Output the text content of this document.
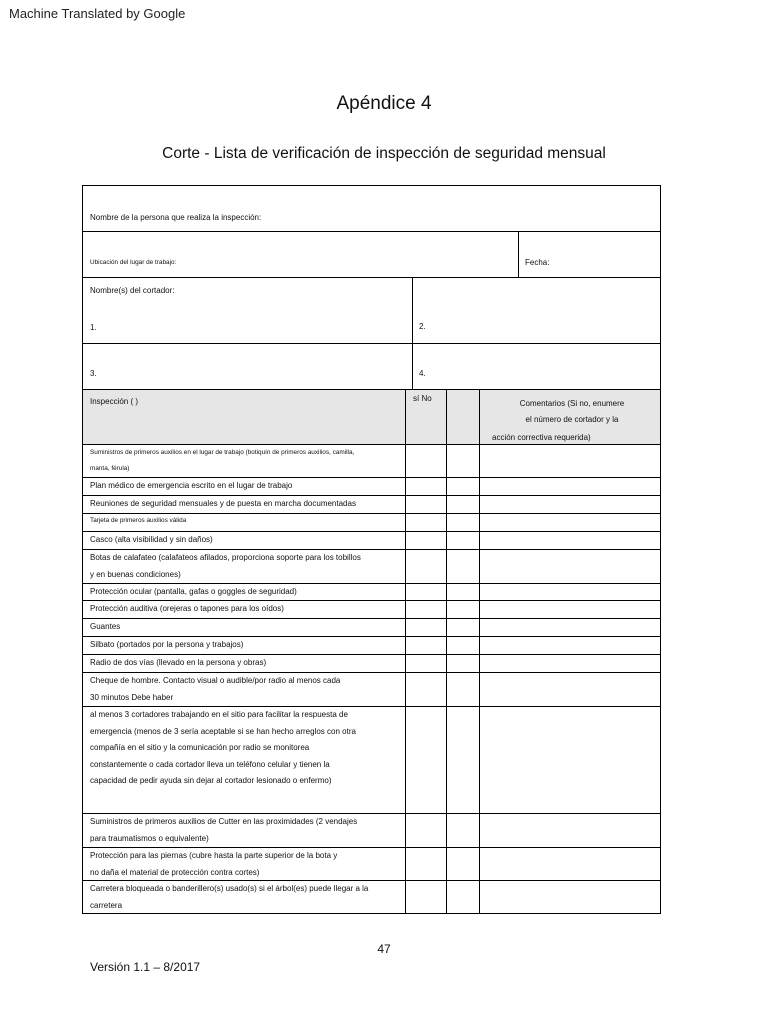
Machine Translated by Google
Apéndice 4
Corte - Lista de verificación de inspección de seguridad mensual
Nombre de la persona que realiza la inspección:
Ubicación del lugar de trabajo:	Fecha:
Nombre(s) del cortador:
1.	2.
3.	4.
Inspección ( )	sí No
Comentarios (Si no, enumere
el número de cortador y la
acción correctiva requerida)
Suministros de primeros auxilios en el lugar de trabajo (botiquín de primeros auxilios, camilla,
manta, férula)
Plan médico de emergencia escrito en el lugar de trabajo
Reuniones de seguridad mensuales y de puesta en marcha documentadas
Tarjeta de primeros auxilios válida
Casco (alta visibilidad y sin daños)
Botas de calafateo (calafateos afilados, proporciona soporte para los tobillos
y en buenas condiciones)
Protección ocular (pantalla, gafas o goggles de seguridad)
Protección auditiva (orejeras o tapones para los oídos)
Guantes
Silbato (portados por la persona y trabajos)
Radio de dos vías (llevado en la persona y obras)
Cheque de hombre. Contacto visual o audible/por radio al menos cada
30 minutos Debe haber
al menos 3 cortadores trabajando en el sitio para facilitar la respuesta de
emergencia (menos de 3 sería aceptable si se han hecho arreglos con otra
compañía en el sitio y la comunicación por radio se monitorea
constantemente o cada cortador lleva un teléfono celular y tienen la
capacidad de pedir ayuda sin dejar al cortador lesionado o enfermo)
Suministros de primeros auxilios de Cutter en las proximidades (2 vendajes
para traumatismos o equivalente)
Protección para las piernas (cubre hasta la parte superior de la bota y
no daña el material de protección contra cortes)
Carretera bloqueada o banderillero(s) usado(s) si el árbol(es) puede llegar a la
carretera
47
Versión 1.1 – 8/2017
